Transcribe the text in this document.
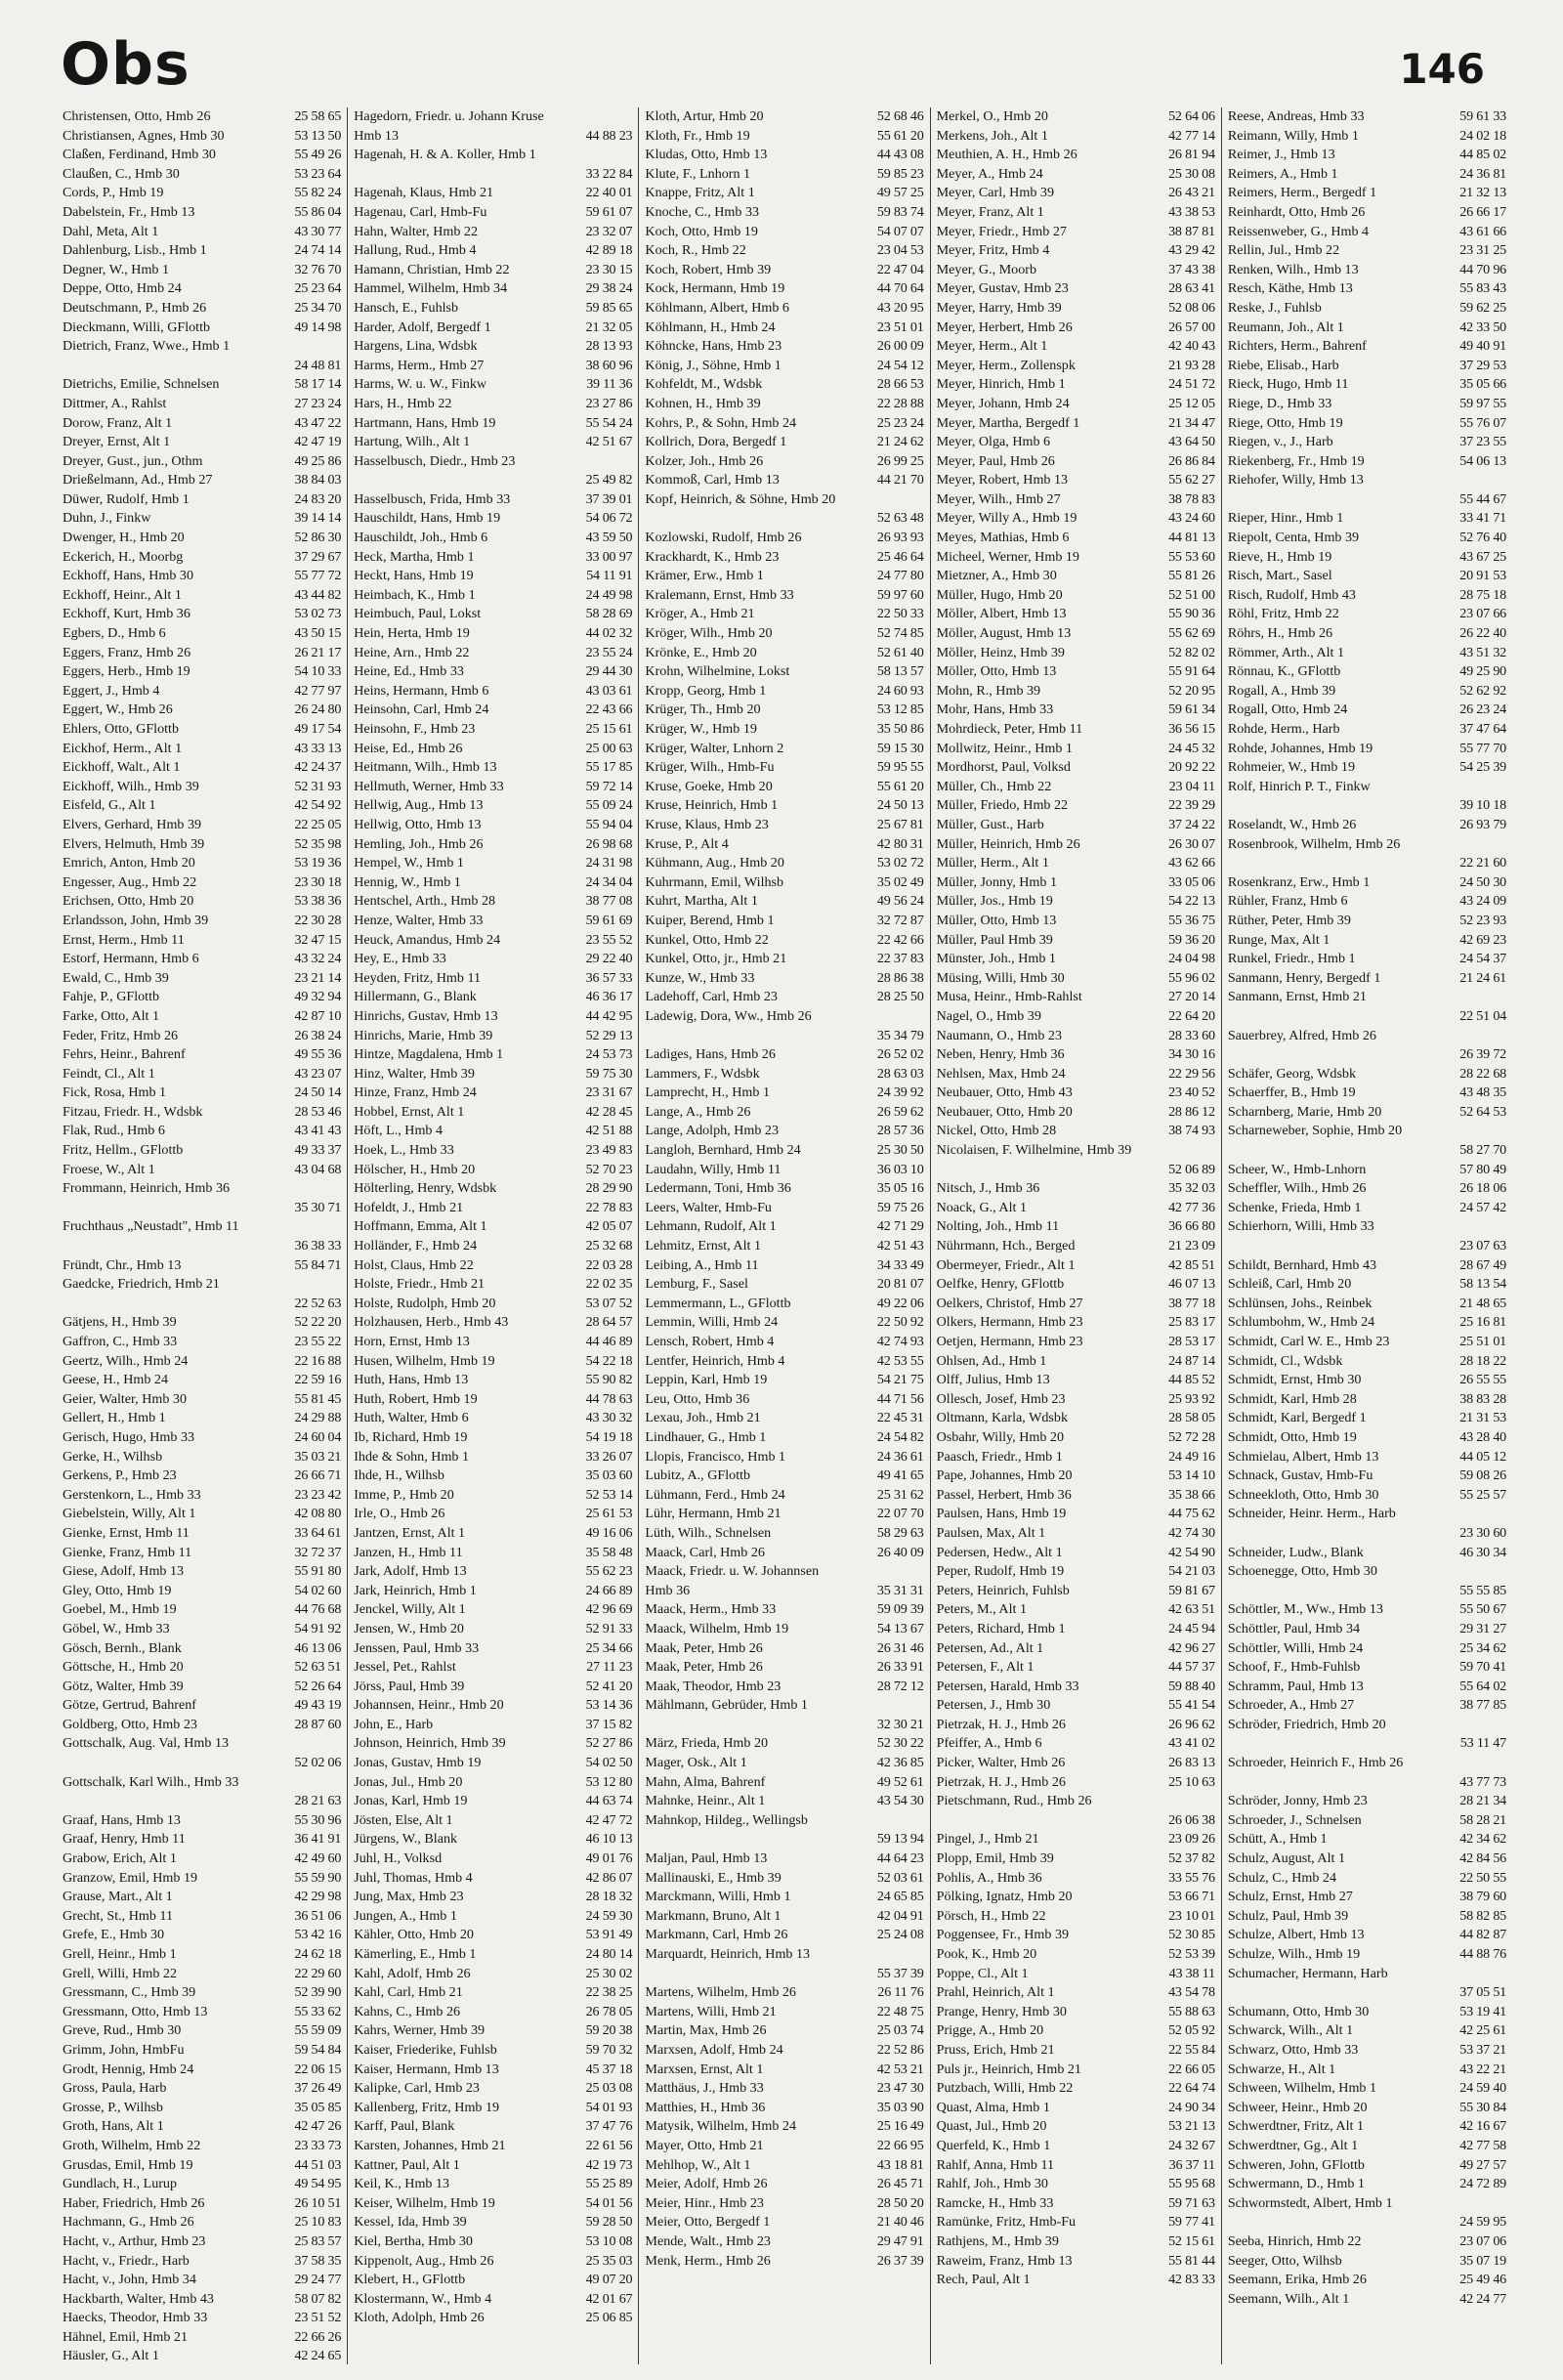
Obs	146
Christensen, Otto, Hmb 26	25 58 65
Christiansen, Agnes, Hmb 30	53 13 50
Claßen, Ferdinand, Hmb 30	55 49 26
Claußen, C., Hmb 30	53 23 64
Cords, P., Hmb 19	55 82 24
Dabelstein, Fr., Hmb 13	55 86 04
Dahl, Meta, Alt 1	43 30 77
Dahlenburg, Lisb., Hmb 1	24 74 14
Degner, W., Hmb 1	32 76 70
Deppe, Otto, Hmb 24	25 23 64
Deutschmann, P., Hmb 26	25 34 70
Dieckmann, Willi, GFlottb	49 14 98
Dietrich, Franz, Wwe., Hmb 1
24 48 81
Dietrichs, Emilie, Schnelsen	58 17 14
Dittmer, A., Rahlst	27 23 24
Dorow, Franz, Alt 1	43 47 22
Dreyer, Ernst, Alt 1	42 47 19
Dreyer, Gust., jun., Othm	49 25 86
Drießelmann, Ad., Hmb 27	38 84 03
Düwer, Rudolf, Hmb 1	24 83 20
Duhn, J., Finkw	39 14 14
Dwenger, H., Hmb 20	52 86 30
Eckerich, H., Moorbg	37 29 67
Eckhoff, Hans, Hmb 30	55 77 72
Eckhoff, Heinr., Alt 1	43 44 82
Eckhoff, Kurt, Hmb 36	53 02 73
Egbers, D., Hmb 6	43 50 15
Eggers, Franz, Hmb 26	26 21 17
Eggers, Herb., Hmb 19	54 10 33
Eggert, J., Hmb 4	42 77 97
Eggert, W., Hmb 26	26 24 80
Ehlers, Otto, GFlottb	49 17 54
Eickhof, Herm., Alt 1	43 33 13
Eickhoff, Walt., Alt 1	42 24 37
Eickhoff, Wilh., Hmb 39	52 31 93
Eisfeld, G., Alt 1	42 54 92
Elvers, Gerhard, Hmb 39	22 25 05
Elvers, Helmuth, Hmb 39	52 35 98
Emrich, Anton, Hmb 20	53 19 36
Engesser, Aug., Hmb 22	23 30 18
Erichsen, Otto, Hmb 20	53 38 36
Erlandsson, John, Hmb 39	22 30 28
Ernst, Herm., Hmb 11	32 47 15
Estorf, Hermann, Hmb 6	43 32 24
Ewald, C., Hmb 39	23 21 14
Fahje, P., GFlottb	49 32 94
Farke, Otto, Alt 1	42 87 10
Feder, Fritz, Hmb 26	26 38 24
Fehrs, Heinr., Bahrenf	49 55 36
Feindt, Cl., Alt 1	43 23 07
Fick, Rosa, Hmb 1	24 50 14
Fitzau, Friedr. H., Wdsbk	28 53 46
Flak, Rud., Hmb 6	43 41 43
Fritz, Hellm., GFlottb	49 33 37
Froese, W., Alt 1	43 04 68
Frommann, Heinrich, Hmb 36
35 30 71
Fruchthaus „Neustadt", Hmb 11
36 38 33
Fründt, Chr., Hmb 13	55 84 71
Gaedcke, Friedrich, Hmb 21
22 52 63
Gätjens, H., Hmb 39	52 22 20
Gaffron, C., Hmb 33	23 55 22
Geertz, Wilh., Hmb 24	22 16 88
Geese, H., Hmb 24	22 59 16
Geier, Walter, Hmb 30	55 81 45
Gellert, H., Hmb 1	24 29 88
Gerisch, Hugo, Hmb 33	24 60 04
Gerke, H., Wilhsb	35 03 21
Gerkens, P., Hmb 23	26 66 71
Gerstenkorn, L., Hmb 33	23 23 42
Giebelstein, Willy, Alt 1	42 08 80
Gienke, Ernst, Hmb 11	33 64 61
Gienke, Franz, Hmb 11	32 72 37
Giese, Adolf, Hmb 13	55 91 80
Gley, Otto, Hmb 19	54 02 60
Goebel, M., Hmb 19	44 76 68
Göbel, W., Hmb 33	54 91 92
Gösch, Bernh., Blank	46 13 06
Göttsche, H., Hmb 20	52 63 51
Götz, Walter, Hmb 39	52 26 64
Götze, Gertrud, Bahrenf	49 43 19
Goldberg, Otto, Hmb 23	28 87 60
Gottschalk, Aug. Val, Hmb 13
52 02 06
Gottschalk, Karl Wilh., Hmb 33
28 21 63
Graaf, Hans, Hmb 13	55 30 96
Graaf, Henry, Hmb 11	36 41 91
Grabow, Erich, Alt 1	42 49 60
Granzow, Emil, Hmb 19	55 59 90
Grause, Mart., Alt 1	42 29 98
Grecht, St., Hmb 11	36 51 06
Grefe, E., Hmb 30	53 42 16
Grell, Heinr., Hmb 1	24 62 18
Grell, Willi, Hmb 22	22 29 60
Gressmann, C., Hmb 39	52 39 90
Gressmann, Otto, Hmb 13	55 33 62
Greve, Rud., Hmb 30	55 59 09
Grimm, John, HmbFu	59 54 84
Grodt, Hennig, Hmb 24	22 06 15
Gross, Paula, Harb	37 26 49
Grosse, P., Wilhsb	35 05 85
Groth, Hans, Alt 1	42 47 26
Groth, Wilhelm, Hmb 22	23 33 73
Grusdas, Emil, Hmb 19	44 51 03
Gundlach, H., Lurup	49 54 95
Haber, Friedrich, Hmb 26	26 10 51
Hachmann, G., Hmb 26	25 10 83
Hacht, v., Arthur, Hmb 23	25 83 57
Hacht, v., Friedr., Harb	37 58 35
Hacht, v., John, Hmb 34	29 24 77
Hackbarth, Walter, Hmb 43	58 07 82
Haecks, Theodor, Hmb 33	23 51 52
Hähnel, Emil, Hmb 21	22 66 26
Häusler, G., Alt 1	42 24 65
Hagedorn, Friedr. u. Johann Kruse
Hmb 13	44 88 23
Hagenah, H. & A. Koller, Hmb 1
33 22 84
Hagenah, Klaus, Hmb 21	22 40 01
Hagenau, Carl, Hmb-Fu	59 61 07
Hahn, Walter, Hmb 22	23 32 07
Hallung, Rud., Hmb 4	42 89 18
Hamann, Christian, Hmb 22	23 30 15
Hammel, Wilhelm, Hmb 34	29 38 24
Hansch, E., Fuhlsb	59 85 65
Harder, Adolf, Bergedf 1	21 32 05
Hargens, Lina, Wdsbk	28 13 93
Harms, Herm., Hmb 27	38 60 96
Harms, W. u. W., Finkw	39 11 36
Hars, H., Hmb 22	23 27 86
Hartmann, Hans, Hmb 19	55 54 24
Hartung, Wilh., Alt 1	42 51 67
Hasselbusch, Diedr., Hmb 23
25 49 82
Hasselbusch, Frida, Hmb 33	37 39 01
Hauschildt, Hans, Hmb 19	54 06 72
Hauschildt, Joh., Hmb 6	43 59 50
Heck, Martha, Hmb 1	33 00 97
Heckt, Hans, Hmb 19	54 11 91
Heimbach, K., Hmb 1	24 49 98
Heimbuch, Paul, Lokst	58 28 69
Hein, Herta, Hmb 19	44 02 32
Heine, Arn., Hmb 22	23 55 24
Heine, Ed., Hmb 33	29 44 30
Heins, Hermann, Hmb 6	43 03 61
Heinsohn, Carl, Hmb 24	22 43 66
Heinsohn, F., Hmb 23	25 15 61
Heise, Ed., Hmb 26	25 00 63
Heitmann, Wilh., Hmb 13	55 17 85
Hellmuth, Werner, Hmb 33	59 72 14
Hellwig, Aug., Hmb 13	55 09 24
Hellwig, Otto, Hmb 13	55 94 04
Hemling, Joh., Hmb 26	26 98 68
Hempel, W., Hmb 1	24 31 98
Hennig, W., Hmb 1	24 34 04
Hentschel, Arth., Hmb 28	38 77 08
Henze, Walter, Hmb 33	59 61 69
Heuck, Amandus, Hmb 24	23 55 52
Hey, E., Hmb 33	29 22 40
Heyden, Fritz, Hmb 11	36 57 33
Hillermann, G., Blank	46 36 17
Hinrichs, Gustav, Hmb 13	44 42 95
Hinrichs, Marie, Hmb 39	52 29 13
Hintze, Magdalena, Hmb 1	24 53 73
Hinz, Walter, Hmb 39	59 75 30
Hinze, Franz, Hmb 24	23 31 67
Hobbel, Ernst, Alt 1	42 28 45
Höft, L., Hmb 4	42 51 88
Hoek, L., Hmb 33	23 49 83
Hölscher, H., Hmb 20	52 70 23
Hölterling, Henry, Wdsbk	28 29 90
Hofeldt, J., Hmb 21	22 78 83
Hoffmann, Emma, Alt 1	42 05 07
Holländer, F., Hmb 24	25 32 68
Holst, Claus, Hmb 22	22 03 28
Holste, Friedr., Hmb 21	22 02 35
Holste, Rudolph, Hmb 20	53 07 52
Holzhausen, Herb., Hmb 43	28 64 57
Horn, Ernst, Hmb 13	44 46 89
Husen, Wilhelm, Hmb 19	54 22 18
Huth, Hans, Hmb 13	55 90 82
Huth, Robert, Hmb 19	44 78 63
Huth, Walter, Hmb 6	43 30 32
Ib, Richard, Hmb 19	54 19 18
Ihde & Sohn, Hmb 1	33 26 07
Ihde, H., Wilhsb	35 03 60
Imme, P., Hmb 20	52 53 14
Irle, O., Hmb 26	25 61 53
Jantzen, Ernst, Alt 1	49 16 06
Janzen, H., Hmb 11	35 58 48
Jark, Adolf, Hmb 13	55 62 23
Jark, Heinrich, Hmb 1	24 66 89
Jenckel, Willy, Alt 1	42 96 69
Jensen, W., Hmb 20	52 91 33
Jenssen, Paul, Hmb 33	25 34 66
Jessel, Pet., Rahlst	27 11 23
Jörss, Paul, Hmb 39	52 41 20
Johannsen, Heinr., Hmb 20	53 14 36
John, E., Harb	37 15 82
Johnson, Heinrich, Hmb 39	52 27 86
Jonas, Gustav, Hmb 19	54 02 50
Jonas, Jul., Hmb 20	53 12 80
Jonas, Karl, Hmb 19	44 63 74
Jösten, Else, Alt 1	42 47 72
Jürgens, W., Blank	46 10 13
Juhl, H., Volksd	49 01 76
Juhl, Thomas, Hmb 4	42 86 07
Jung, Max, Hmb 23	28 18 32
Jungen, A., Hmb 1	24 59 30
Kähler, Otto, Hmb 20	53 91 49
Kämerling, E., Hmb 1	24 80 14
Kahl, Adolf, Hmb 26	25 30 02
Kahl, Carl, Hmb 21	22 38 25
Kahns, C., Hmb 26	26 78 05
Kahrs, Werner, Hmb 39	59 20 38
Kaiser, Friederike, Fuhlsb	59 70 32
Kaiser, Hermann, Hmb 13	45 37 18
Kalipke, Carl, Hmb 23	25 03 08
Kallenberg, Fritz, Hmb 19	54 01 93
Karff, Paul, Blank	37 47 76
Karsten, Johannes, Hmb 21	22 61 56
Kattner, Paul, Alt 1	42 19 73
Keil, K., Hmb 13	55 25 89
Keiser, Wilhelm, Hmb 19	54 01 56
Kessel, Ida, Hmb 39	59 28 50
Kiel, Bertha, Hmb 30	53 10 08
Kippenolt, Aug., Hmb 26	25 35 03
Klebert, H., GFlottb	49 07 20
Klostermann, W., Hmb 4	42 01 67
Kloth, Adolph, Hmb 26	25 06 85
Kloth, Artur, Hmb 20	52 68 46
Kloth, Fr., Hmb 19	55 61 20
Kludas, Otto, Hmb 13	44 43 08
Klute, F., Lnhorn 1	59 85 23
Knappe, Fritz, Alt 1	49 57 25
Knoche, C., Hmb 33	59 83 74
Koch, Otto, Hmb 19	54 07 07
Koch, R., Hmb 22	23 04 53
Koch, Robert, Hmb 39	22 47 04
Kock, Hermann, Hmb 19	44 70 64
Köhlmann, Albert, Hmb 6	43 20 95
Köhlmann, H., Hmb 24	23 51 01
Köhncke, Hans, Hmb 23	26 00 09
König, J., Söhne, Hmb 1	24 54 12
Kohfeldt, M., Wdsbk	28 66 53
Kohnen, H., Hmb 39	22 28 88
Kohrs, P., & Sohn, Hmb 24	25 23 24
Kollrich, Dora, Bergedf 1	21 24 62
Kolzer, Joh., Hmb 26	26 99 25
Kommoß, Carl, Hmb 13	44 21 70
Kopf, Heinrich, & Söhne, Hmb 20
52 63 48
Kozlowski, Rudolf, Hmb 26	26 93 93
Krackhardt, K., Hmb 23	25 46 64
Krämer, Erw., Hmb 1	24 77 80
Kralemann, Ernst, Hmb 33	59 97 60
Kröger, A., Hmb 21	22 50 33
Kröger, Wilh., Hmb 20	52 74 85
Krönke, E., Hmb 20	52 61 40
Krohn, Wilhelmine, Lokst	58 13 57
Kropp, Georg, Hmb 1	24 60 93
Krüger, Th., Hmb 20	53 12 85
Krüger, W., Hmb 19	35 50 86
Krüger, Walter, Lnhorn 2	59 15 30
Krüger, Wilh., Hmb-Fu	59 95 55
Kruse, Goeke, Hmb 20	55 61 20
Kruse, Heinrich, Hmb 1	24 50 13
Kruse, Klaus, Hmb 23	25 67 81
Kruse, P., Alt 4	42 80 31
Kühmann, Aug., Hmb 20	53 02 72
Kuhrmann, Emil, Wilhsb	35 02 49
Kuhrt, Martha, Alt 1	49 56 24
Kuiper, Berend, Hmb 1	32 72 87
Kunkel, Otto, Hmb 22	22 42 66
Kunkel, Otto, jr., Hmb 21	22 37 83
Kunze, W., Hmb 33	28 86 38
Ladehoff, Carl, Hmb 23	28 25 50
Ladewig, Dora, Ww., Hmb 26
35 34 79
Ladiges, Hans, Hmb 26	26 52 02
Lammers, F., Wdsbk	28 63 03
Lamprecht, H., Hmb 1	24 39 92
Lange, A., Hmb 26	26 59 62
Lange, Adolph, Hmb 23	28 57 36
Langloh, Bernhard, Hmb 24	25 30 50
Laudahn, Willy, Hmb 11	36 03 10
Ledermann, Toni, Hmb 36	35 05 16
Leers, Walter, Hmb-Fu	59 75 26
Lehmann, Rudolf, Alt 1	42 71 29
Lehmitz, Ernst, Alt 1	42 51 43
Leibing, A., Hmb 11	34 33 49
Lemburg, F., Sasel	20 81 07
Lemmermann, L., GFlottb	49 22 06
Lemmin, Willi, Hmb 24	22 50 92
Lensch, Robert, Hmb 4	42 74 93
Lentfer, Heinrich, Hmb 4	42 53 55
Leppin, Karl, Hmb 19	54 21 75
Leu, Otto, Hmb 36	44 71 56
Lexau, Joh., Hmb 21	22 45 31
Lindhauer, G., Hmb 1	24 54 82
Llopis, Francisco, Hmb 1	24 36 61
Lubitz, A., GFlottb	49 41 65
Lühmann, Ferd., Hmb 24	25 31 62
Lühr, Hermann, Hmb 21	22 07 70
Lüth, Wilh., Schnelsen	58 29 63
Maack, Carl, Hmb 26	26 40 09
Maack, Friedr. u. W. Johannsen
Hmb 36	35 31 31
Maack, Herm., Hmb 33	59 09 39
Maack, Wilhelm, Hmb 19	54 13 67
Maak, Peter, Hmb 26	26 31 46
Maak, Peter, Hmb 26	26 33 91
Maak, Theodor, Hmb 23	28 72 12
Mählmann, Gebrüder, Hmb 1
32 30 21
März, Frieda, Hmb 20	52 30 22
Mager, Osk., Alt 1	42 36 85
Mahn, Alma, Bahrenf	49 52 61
Mahnke, Heinr., Alt 1	43 54 30
Mahnkop, Hildeg., Wellingsb
59 13 94
Maljan, Paul, Hmb 13	44 64 23
Mallinauski, E., Hmb 39	52 03 61
Marckmann, Willi, Hmb 1	24 65 85
Markmann, Bruno, Alt 1	42 04 91
Markmann, Carl, Hmb 26	25 24 08
Marquardt, Heinrich, Hmb 13
55 37 39
Martens, Wilhelm, Hmb 26	26 11 76
Martens, Willi, Hmb 21	22 48 75
Martin, Max, Hmb 26	25 03 74
Marxsen, Adolf, Hmb 24	22 52 86
Marxsen, Ernst, Alt 1	42 53 21
Matthäus, J., Hmb 33	23 47 30
Matthies, H., Hmb 36	35 03 90
Matysik, Wilhelm, Hmb 24	25 16 49
Mayer, Otto, Hmb 21	22 66 95
Mehlhop, W., Alt 1	43 18 81
Meier, Adolf, Hmb 26	26 45 71
Meier, Hinr., Hmb 23	28 50 20
Meier, Otto, Bergedf 1	21 40 46
Mende, Walt., Hmb 23	29 47 91
Menk, Herm., Hmb 26	26 37 39
Merkel, O., Hmb 20	52 64 06
Merkens, Joh., Alt 1	42 77 14
Meuthien, A. H., Hmb 26	26 81 94
Meyer, A., Hmb 24	25 30 08
Meyer, Carl, Hmb 39	26 43 21
Meyer, Franz, Alt 1	43 38 53
Meyer, Friedr., Hmb 27	38 87 81
Meyer, Fritz, Hmb 4	43 29 42
Meyer, G., Moorb	37 43 38
Meyer, Gustav, Hmb 23	28 63 41
Meyer, Harry, Hmb 39	52 08 06
Meyer, Herbert, Hmb 26	26 57 00
Meyer, Herm., Alt 1	42 40 43
Meyer, Herm., Zollenspk	21 93 28
Meyer, Hinrich, Hmb 1	24 51 72
Meyer, Johann, Hmb 24	25 12 05
Meyer, Martha, Bergedf 1	21 34 47
Meyer, Olga, Hmb 6	43 64 50
Meyer, Paul, Hmb 26	26 86 84
Meyer, Robert, Hmb 13	55 62 27
Meyer, Wilh., Hmb 27	38 78 83
Meyer, Willy A., Hmb 19	43 24 60
Meyes, Mathias, Hmb 6	44 81 13
Micheel, Werner, Hmb 19	55 53 60
Mietzner, A., Hmb 30	55 81 26
Müller, Hugo, Hmb 20	52 51 00
Möller, Albert, Hmb 13	55 90 36
Möller, August, Hmb 13	55 62 69
Möller, Heinz, Hmb 39	52 82 02
Möller, Otto, Hmb 13	55 91 64
Mohn, R., Hmb 39	52 20 95
Mohr, Hans, Hmb 33	59 61 34
Mohrdieck, Peter, Hmb 11	36 56 15
Mollwitz, Heinr., Hmb 1	24 45 32
Mordhorst, Paul, Volksd	20 92 22
Müller, Ch., Hmb 22	23 04 11
Müller, Friedo, Hmb 22	22 39 29
Müller, Gust., Harb	37 24 22
Müller, Heinrich, Hmb 26	26 30 07
Müller, Herm., Alt 1	43 62 66
Müller, Jonny, Hmb 1	33 05 06
Müller, Jos., Hmb 19	54 22 13
Müller, Otto, Hmb 13	55 36 75
Müller, Paul Hmb 39	59 36 20
Münster, Joh., Hmb 1	24 04 98
Müsing, Willi, Hmb 30	55 96 02
Musa, Heinr., Hmb-Rahlst	27 20 14
Nagel, O., Hmb 39	22 64 20
Naumann, O., Hmb 23	28 33 60
Neben, Henry, Hmb 36	34 30 16
Nehlsen, Max, Hmb 24	22 29 56
Neubauer, Otto, Hmb 43	23 40 52
Neubauer, Otto, Hmb 20	28 86 12
Nickel, Otto, Hmb 28	38 74 93
Nicolaisen, F. Wilhelmine, Hmb 39
52 06 89
Nitsch, J., Hmb 36	35 32 03
Noack, G., Alt 1	42 77 36
Nolting, Joh., Hmb 11	36 66 80
Nührmann, Hch., Berged	21 23 09
Obermeyer, Friedr., Alt 1	42 85 51
Oelfke, Henry, GFlottb	46 07 13
Oelkers, Christof, Hmb 27	38 77 18
Olkers, Hermann, Hmb 23	25 83 17
Oetjen, Hermann, Hmb 23	28 53 17
Ohlsen, Ad., Hmb 1	24 87 14
Olff, Julius, Hmb 13	44 85 52
Ollesch, Josef, Hmb 23	25 93 92
Oltmann, Karla, Wdsbk	28 58 05
Osbahr, Willy, Hmb 20	52 72 28
Paasch, Friedr., Hmb 1	24 49 16
Pape, Johannes, Hmb 20	53 14 10
Passel, Herbert, Hmb 36	35 38 66
Paulsen, Hans, Hmb 19	44 75 62
Paulsen, Max, Alt 1	42 74 30
Pedersen, Hedw., Alt 1	42 54 90
Peper, Rudolf, Hmb 19	54 21 03
Peters, Heinrich, Fuhlsb	59 81 67
Peters, M., Alt 1	42 63 51
Peters, Richard, Hmb 1	24 45 94
Petersen, Ad., Alt 1	42 96 27
Petersen, F., Alt 1	44 57 37
Petersen, Harald, Hmb 33	59 88 40
Petersen, J., Hmb 30	55 41 54
Pietrzak, H. J., Hmb 26	26 96 62
Pfeiffer, A., Hmb 6	43 41 02
Picker, Walter, Hmb 26	26 83 13
Pietrzak, H. J., Hmb 26	25 10 63
Pietschmann, Rud., Hmb 26
26 06 38
Pingel, J., Hmb 21	23 09 26
Plopp, Emil, Hmb 39	52 37 82
Pohlis, A., Hmb 36	33 55 76
Pölking, Ignatz, Hmb 20	53 66 71
Pörsch, H., Hmb 22	23 10 01
Poggensee, Fr., Hmb 39	52 30 85
Pook, K., Hmb 20	52 53 39
Poppe, Cl., Alt 1	43 38 11
Prahl, Heinrich, Alt 1	43 54 78
Prange, Henry, Hmb 30	55 88 63
Prigge, A., Hmb 20	52 05 92
Pruss, Erich, Hmb 21	22 55 84
Puls jr., Heinrich, Hmb 21	22 66 05
Putzbach, Willi, Hmb 22	22 64 74
Quast, Alma, Hmb 1	24 90 34
Quast, Jul., Hmb 20	53 21 13
Querfeld, K., Hmb 1	24 32 67
Rahlf, Anna, Hmb 11	36 37 11
Rahlf, Joh., Hmb 30	55 95 68
Ramcke, H., Hmb 33	59 71 63
Ramünke, Fritz, Hmb-Fu	59 77 41
Rathjens, M., Hmb 39	52 15 61
Raweim, Franz, Hmb 13	55 81 44
Rech, Paul, Alt 1	42 83 33
Reese, Andreas, Hmb 33	59 61 33
Reimann, Willy, Hmb 1	24 02 18
Reimer, J., Hmb 13	44 85 02
Reimers, A., Hmb 1	24 36 81
Reimers, Herm., Bergedf 1	21 32 13
Reinhardt, Otto, Hmb 26	26 66 17
Reissenweber, G., Hmb 4	43 61 66
Rellin, Jul., Hmb 22	23 31 25
Renken, Wilh., Hmb 13	44 70 96
Resch, Käthe, Hmb 13	55 83 43
Reske, J., Fuhlsb	59 62 25
Reumann, Joh., Alt 1	42 33 50
Richters, Herm., Bahrenf	49 40 91
Riebe, Elisab., Harb	37 29 53
Rieck, Hugo, Hmb 11	35 05 66
Riege, D., Hmb 33	59 97 55
Riege, Otto, Hmb 19	55 76 07
Riegen, v., J., Harb	37 23 55
Riekenberg, Fr., Hmb 19	54 06 13
Riehofer, Willy, Hmb 13
55 44 67
Rieper, Hinr., Hmb 1	33 41 71
Riepolt, Centa, Hmb 39	52 76 40
Rieve, H., Hmb 19	43 67 25
Risch, Mart., Sasel	20 91 53
Risch, Rudolf, Hmb 43	28 75 18
Röhl, Fritz, Hmb 22	23 07 66
Röhrs, H., Hmb 26	26 22 40
Römmer, Arth., Alt 1	43 51 32
Rönnau, K., GFlottb	49 25 90
Rogall, A., Hmb 39	52 62 92
Rogall, Otto, Hmb 24	26 23 24
Rohde, Herm., Harb	37 47 64
Rohde, Johannes, Hmb 19	55 77 70
Rohmeier, W., Hmb 19	54 25 39
Rolf, Hinrich P. T., Finkw
39 10 18
Roselandt, W., Hmb 26	26 93 79
Rosenbrook, Wilhelm, Hmb 26
22 21 60
Rosenkranz, Erw., Hmb 1	24 50 30
Rühler, Franz, Hmb 6	43 24 09
Rüther, Peter, Hmb 39	52 23 93
Runge, Max, Alt 1	42 69 23
Runkel, Friedr., Hmb 1	24 54 37
Sanmann, Henry, Bergedf 1	21 24 61
Sanmann, Ernst, Hmb 21
22 51 04
Sauerbrey, Alfred, Hmb 26
26 39 72
Schäfer, Georg, Wdsbk	28 22 68
Schaerffer, B., Hmb 19	43 48 35
Scharnberg, Marie, Hmb 20	52 64 53
Scharneweber, Sophie, Hmb 20
58 27 70
Scheer, W., Hmb-Lnhorn	57 80 49
Scheffler, Wilh., Hmb 26	26 18 06
Schenke, Frieda, Hmb 1	24 57 42
Schierhorn, Willi, Hmb 33
23 07 63
Schildt, Bernhard, Hmb 43	28 67 49
Schleiß, Carl, Hmb 20	58 13 54
Schlünsen, Johs., Reinbek	21 48 65
Schlumbohm, W., Hmb 24	25 16 81
Schmidt, Carl W. E., Hmb 23	25 51 01
Schmidt, Cl., Wdsbk	28 18 22
Schmidt, Ernst, Hmb 30	26 55 55
Schmidt, Karl, Hmb 28	38 83 28
Schmidt, Karl, Bergedf 1	21 31 53
Schmidt, Otto, Hmb 19	43 28 40
Schmielau, Albert, Hmb 13	44 05 12
Schnack, Gustav, Hmb-Fu	59 08 26
Schneekloth, Otto, Hmb 30	55 25 57
Schneider, Heinr. Herm., Harb
23 30 60
Schneider, Ludw., Blank	46 30 34
Schoenegge, Otto, Hmb 30
55 55 85
Schöttler, M., Ww., Hmb 13	55 50 67
Schöttler, Paul, Hmb 34	29 31 27
Schöttler, Willi, Hmb 24	25 34 62
Schoof, F., Hmb-Fuhlsb	59 70 41
Schramm, Paul, Hmb 13	55 64 02
Schroeder, A., Hmb 27	38 77 85
Schröder, Friedrich, Hmb 20
53 11 47
Schroeder, Heinrich F., Hmb 26
43 77 73
Schröder, Jonny, Hmb 23	28 21 34
Schroeder, J., Schnelsen	58 28 21
Schütt, A., Hmb 1	42 34 62
Schulz, August, Alt 1	42 84 56
Schulz, C., Hmb 24	22 50 55
Schulz, Ernst, Hmb 27	38 79 60
Schulz, Paul, Hmb 39	58 82 85
Schulze, Albert, Hmb 13	44 82 87
Schulze, Wilh., Hmb 19	44 88 76
Schumacher, Hermann, Harb
37 05 51
Schumann, Otto, Hmb 30	53 19 41
Schwarck, Wilh., Alt 1	42 25 61
Schwarz, Otto, Hmb 33	53 37 21
Schwarze, H., Alt 1	43 22 21
Schween, Wilhelm, Hmb 1	24 59 40
Schweer, Heinr., Hmb 20	55 30 84
Schwerdtner, Fritz, Alt 1	42 16 67
Schwerdtner, Gg., Alt 1	42 77 58
Schweren, John, GFlottb	49 27 57
Schwermann, D., Hmb 1	24 72 89
Schwormstedt, Albert, Hmb 1
24 59 95
Seeba, Hinrich, Hmb 22	23 07 06
Seeger, Otto, Wilhsb	35 07 19
Seemann, Erika, Hmb 26	25 49 46
Seemann, Wilh., Alt 1	42 24 77
